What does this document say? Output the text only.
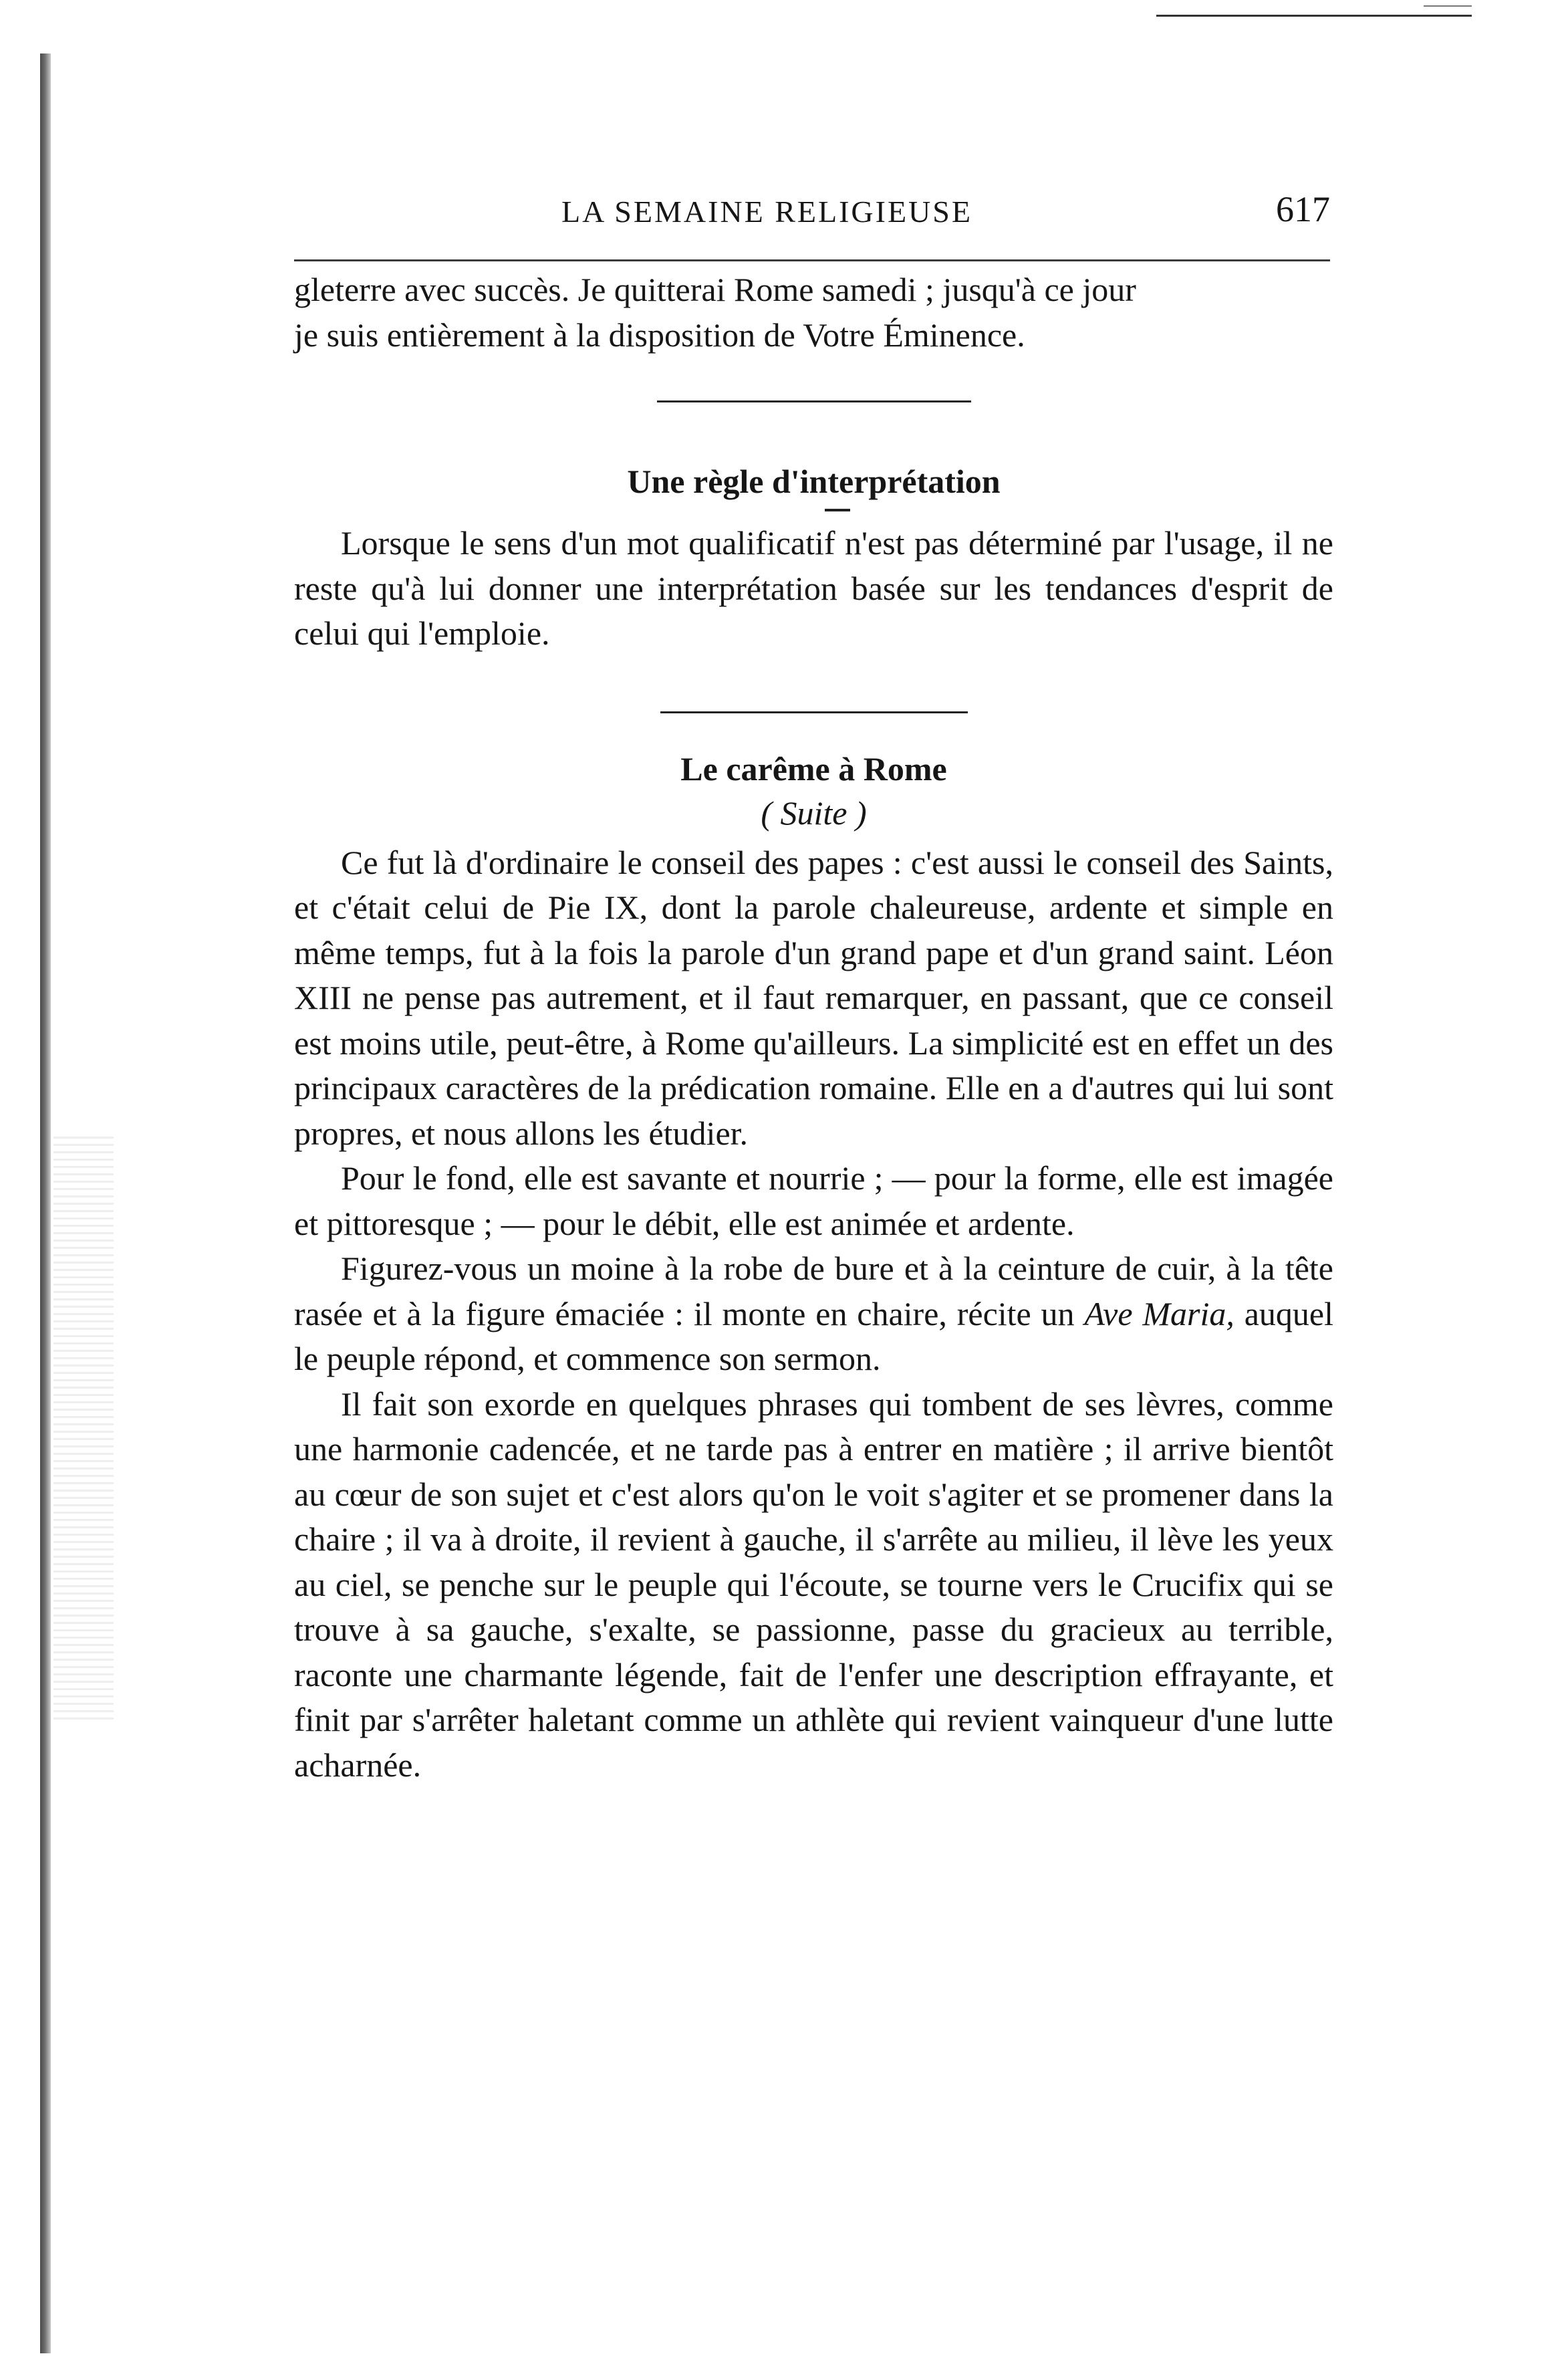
LA SEMAINE RELIGIEUSE	617

gleterre avec succès. Je quitterai Rome samedi ; jusqu'à ce jour

je suis entièrement à la disposition de Votre Éminence.

Une règle d'interprétation

Lorsque le sens d'un mot qualificatif n'est pas déterminé par l'usage, il ne reste qu'à lui donner une interprétation basée sur les tendances d'esprit de celui qui l'emploie.

Le carême à Rome
( Suite )

Ce fut là d'ordinaire le conseil des papes : c'est aussi le conseil des Saints, et c'était celui de Pie IX, dont la parole chaleureuse, ardente et simple en même temps, fut à la fois la parole d'un grand pape et d'un grand saint. Léon XIII ne pense pas autrement, et il faut remarquer, en passant, que ce conseil est moins utile, peut-être, à Rome qu'ailleurs. La simplicité est en effet un des principaux caractères de la prédication romaine. Elle en a d'autres qui lui sont propres, et nous allons les étudier.

Pour le fond, elle est savante et nourrie ; — pour la forme, elle est imagée et pittoresque ; — pour le débit, elle est animée et ardente.

Figurez-vous un moine à la robe de bure et à la ceinture de cuir, à la tête rasée et à la figure émaciée : il monte en chaire, récite un Ave Maria, auquel le peuple répond, et commence son sermon.

Il fait son exorde en quelques phrases qui tombent de ses lèvres, comme une harmonie cadencée, et ne tarde pas à entrer en matière ; il arrive bientôt au cœur de son sujet et c'est alors qu'on le voit s'agiter et se promener dans la chaire ; il va à droite, il revient à gauche, il s'arrête au milieu, il lève les yeux au ciel, se penche sur le peuple qui l'écoute, se tourne vers le Crucifix qui se trouve à sa gauche, s'exalte, se passionne, passe du gracieux au terrible, raconte une charmante légende, fait de l'enfer une description effrayante, et finit par s'arrêter haletant comme un athlète qui revient vainqueur d'une lutte acharnée.
